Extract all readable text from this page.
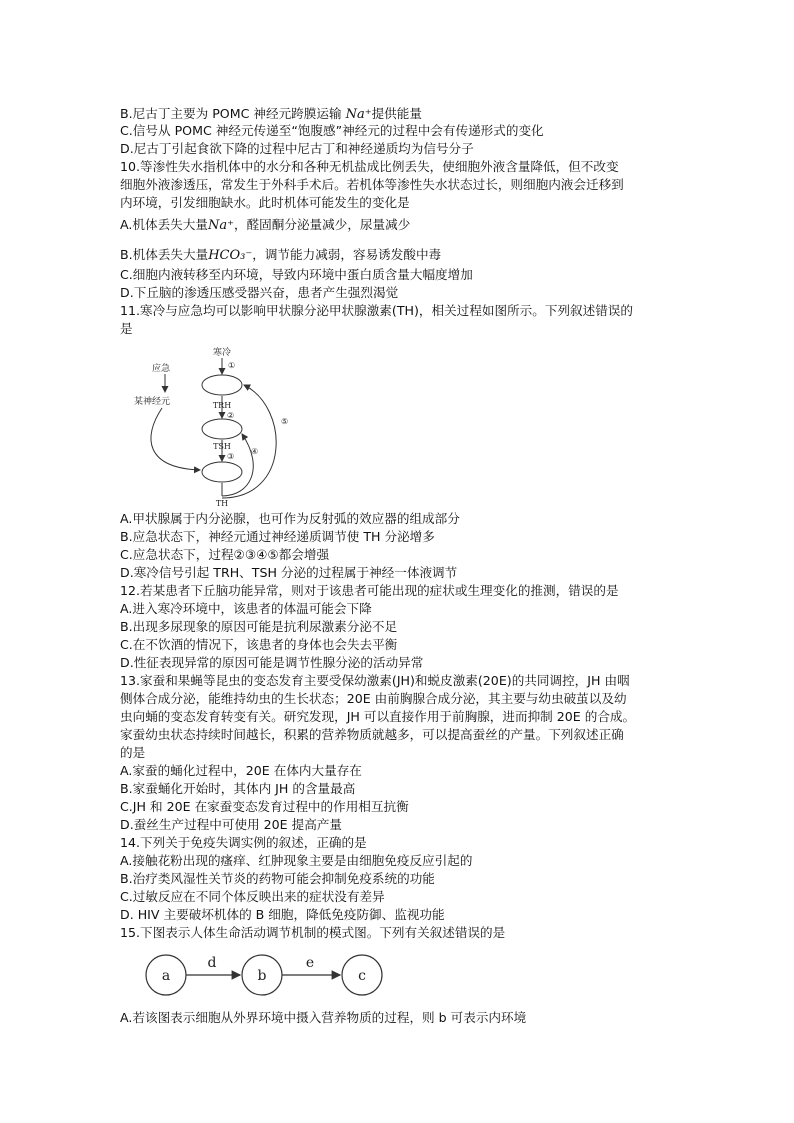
B.尼古丁主要为 POMC 神经元跨膜运输 Na⁺提供能量
C.信号从 POMC 神经元传递至“饱腹感”神经元的过程中会有传递形式的变化
D.尼古丁引起食欲下降的过程中尼古丁和神经递质均为信号分子
10.等渗性失水指机体中的水分和各种无机盐成比例丢失，使细胞外液含量降低，但不改变
细胞外液渗透压，常发生于外科手术后。若机体等渗性失水状态过长，则细胞内液会迁移到
内环境，引发细胞缺水。此时机体可能发生的变化是
A.机体丢失大量Na⁺，醛固酮分泌量减少，尿量减少
B.机体丢失大量HCO₃⁻，调节能力减弱，容易诱发酸中毒
C.细胞内液转移至内环境，导致内环境中蛋白质含量大幅度增加
D.下丘脑的渗透压感受器兴奋，患者产生强烈渴觉
11.寒冷与应急均可以影响甲状腺分泌甲状腺激素(TH)，相关过程如图所示。下列叙述错误的
是
寒冷
①
应急
某神经元	TRH
②
TSH
③
④
⑤
TH
A.甲状腺属于内分泌腺，也可作为反射弧的效应器的组成部分
B.应急状态下，神经元通过神经递质调节使 TH 分泌增多
C.应急状态下，过程②③④⑤都会增强
D.寒冷信号引起 TRH、TSH 分泌的过程属于神经一体液调节
12.若某患者下丘脑功能异常，则对于该患者可能出现的症状或生理变化的推测，错误的是
A.进入寒冷环境中，该患者的体温可能会下降
B.出现多尿现象的原因可能是抗利尿激素分泌不足
C.在不饮酒的情况下，该患者的身体也会失去平衡
D.性征表现异常的原因可能是调节性腺分泌的活动异常
13.家蚕和果蝇等昆虫的变态发育主要受保幼激素(JH)和蜕皮激素(20E)的共同调控，JH 由咽
侧体合成分泌，能维持幼虫的生长状态；20E 由前胸腺合成分泌，其主要与幼虫破茧以及幼
虫向蛹的变态发育转变有关。研究发现，JH 可以直接作用于前胸腺，进而抑制 20E 的合成。
家蚕幼虫状态持续时间越长，积累的营养物质就越多，可以提高蚕丝的产量。下列叙述正确
的是
A.家蚕的蛹化过程中，20E 在体内大量存在
B.家蚕蛹化开始时，其体内 JH 的含量最高
C.JH 和 20E 在家蚕变态发育过程中的作用相互抗衡
D.蚕丝生产过程中可使用 20E 提高产量
14.下列关于免疫失调实例的叙述，正确的是
A.接触花粉出现的瘙痒、红肿现象主要是由细胞免疫反应引起的
B.治疗类风湿性关节炎的药物可能会抑制免疫系统的功能
C.过敏反应在不同个体反映出来的症状没有差异
D. HIV 主要破坏机体的 B 细胞，降低免疫防御、监视功能
15.下图表示人体生命活动调节机制的模式图。下列有关叙述错误的是
a	b	c
d	e
A.若该图表示细胞从外界环境中摄入营养物质的过程，则 b 可表示内环境
